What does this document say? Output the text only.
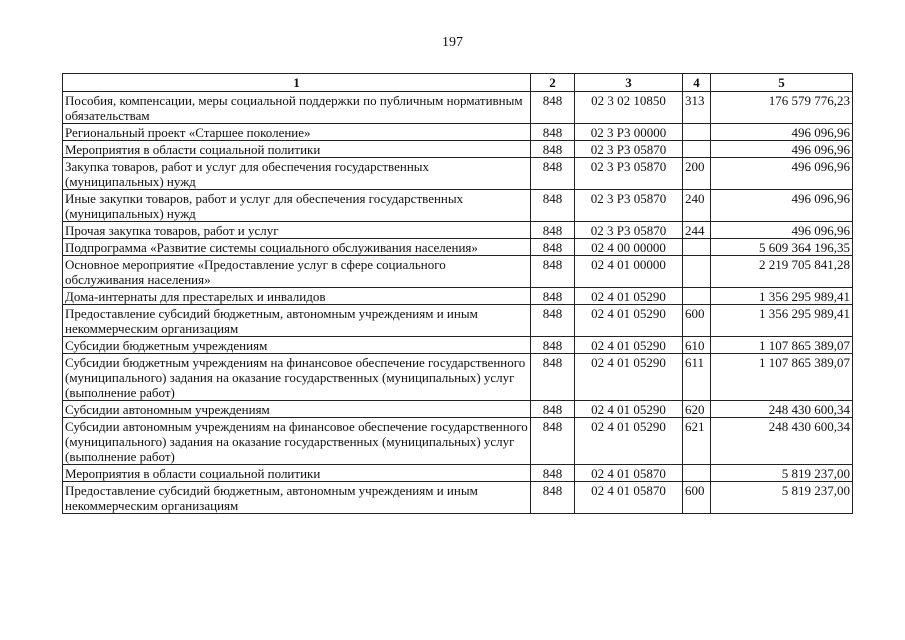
197
1	2	3	4	5
Пособия, компенсации, меры социальной поддержки по публичным нормативным обязательствам	848	02 3 02 10850	313	176 579 776,23
Региональный проект «Старшее поколение»	848	02 3 P3 00000		496 096,96
Мероприятия в области социальной политики	848	02 3 P3 05870		496 096,96
Закупка товаров, работ и услуг для обеспечения государственных (муниципальных) нужд	848	02 3 P3 05870	200	496 096,96
Иные закупки товаров, работ и услуг для обеспечения государственных (муниципальных) нужд	848	02 3 P3 05870	240	496 096,96
Прочая закупка товаров, работ и услуг	848	02 3 P3 05870	244	496 096,96
Подпрограмма «Развитие системы социального обслуживания населения»	848	02 4 00 00000		5 609 364 196,35
Основное мероприятие «Предоставление услуг в сфере социального обслуживания населения»	848	02 4 01 00000		2 219 705 841,28
Дома-интернаты для престарелых и инвалидов	848	02 4 01 05290		1 356 295 989,41
Предоставление субсидий бюджетным, автономным учреждениям и иным некоммерческим организациям	848	02 4 01 05290	600	1 356 295 989,41
Субсидии бюджетным учреждениям	848	02 4 01 05290	610	1 107 865 389,07
Субсидии бюджетным учреждениям на финансовое обеспечение государственного (муниципального) задания на оказание государственных (муниципальных) услуг (выполнение работ)	848	02 4 01 05290	611	1 107 865 389,07
Субсидии автономным учреждениям	848	02 4 01 05290	620	248 430 600,34
Субсидии автономным учреждениям на финансовое обеспечение государственного (муниципального) задания на оказание государственных (муниципальных) услуг (выполнение работ)	848	02 4 01 05290	621	248 430 600,34
Мероприятия в области социальной политики	848	02 4 01 05870		5 819 237,00
Предоставление субсидий бюджетным, автономным учреждениям и иным некоммерческим организациям	848	02 4 01 05870	600	5 819 237,00
